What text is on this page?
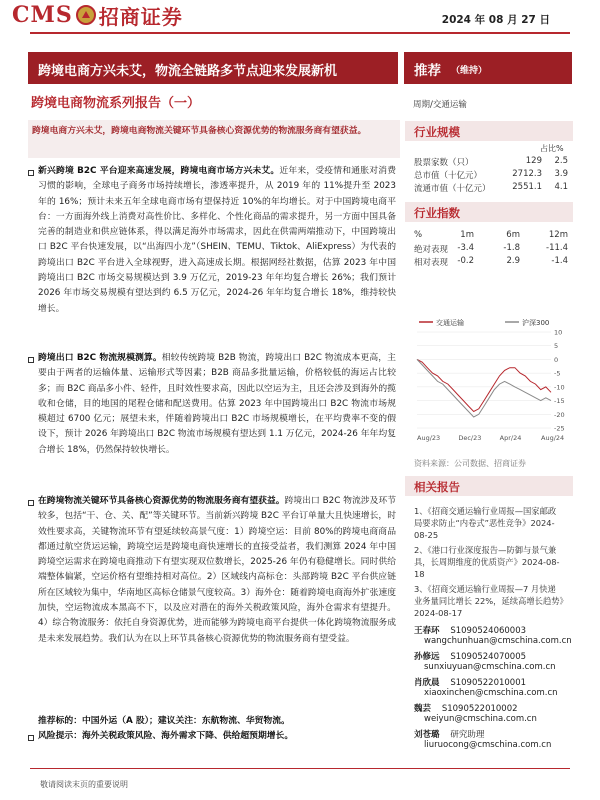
CMS 招商证券	2024 年 08 月 27 日
跨境电商方兴未艾，物流全链路多节点迎来发展新机	推荐 （维持）
跨境电商物流系列报告（一）	周期/交通运输

跨境电商方兴未艾，跨境电商物流关键环节具备核心资源优势的物流服务商有望获益。

新兴跨境 B2C 平台迎来高速发展，跨境电商市场方兴未艾。近年来，受疫情和通胀对消费习惯的影响，全球电子商务市场持续增长，渗透率提升，从 2019 年的 11%提升至 2023 年的 16%；预计未来五年全球电商市场有望保持近 10%的年均增长。对于中国跨境电商平台：一方面海外线上消费对高性价比、多样化、个性化商品的需求提升，另一方面中国具备完善的制造业和供应链体系，得以满足海外市场需求，因此在供需两端推动下，中国跨境出口 B2C 平台快速发展，以“出海四小龙”（SHEIN、TEMU、Tiktok、AliExpress）为代表的跨境出口 B2C 平台进入全球视野，进入高速成长期。根据网经社数据，估算 2023 年中国跨境出口 B2C 市场交易规模达到 3.9 万亿元，2019-23 年年均复合增长 26%；我们预计 2026 年市场交易规模有望达到约 6.5 万亿元，2024-26 年年均复合增长 18%，维持较快增长。
跨境出口 B2C 物流规模测算。相较传统跨境 B2B 物流，跨境出口 B2C 物流成本更高，主要由于两者的运输体量、运输形式等因素；B2B 商品多批量运输，价格较低的海运占比较多；而 B2C 商品多小件、轻件，且时效性要求高，因此以空运为主，且还会涉及到海外的揽收和仓储，目的地国的尾程仓储和配送费用。估算 2023 年中国跨境出口 B2C 物流市场规模超过 6700 亿元；展望未来，伴随着跨境出口 B2C 市场规模增长，在平均费率不变的假设下，预计 2026 年跨境出口 B2C 物流市场规模有望达到 1.1 万亿元，2024-26 年年均复合增长 18%，仍然保持较快增长。
在跨境物流关键环节具备核心资源优势的物流服务商有望获益。跨境出口 B2C 物流涉及环节较多，包括“干、仓、关、配”等关键环节。当前新兴跨境 B2C 平台订单量大且快速增长，时效性要求高，关键物流环节有望延续较高景气度：1）跨境空运：目前 80%的跨境电商商品都通过航空货运运输，跨境空运是跨境电商快速增长的直接受益者，我们测算 2024 年中国跨境空运需求在跨境电商推动下有望实现双位数增长，2025-26 年仍有稳健增长。同时供给端整体偏紧，空运价格有望维持相对高位。2）区域线内高标仓：头部跨境 B2C 平台供应链所在区域较为集中，华南地区高标仓储景气度较高。3）海外仓：随着跨境电商海外扩张速度加快，空运物流成本黑高不下，以及应对潜在的海外关税政策风险，海外仓需求有望提升。4）综合物流服务：依托自身资源优势，进而能够为跨境电商平台提供一体化跨境物流服务成是未来发展趋势。我们认为在以上环节具备核心资源优势的物流服务商有望受益。
推荐标的：中国外运（A 股）；建议关注：东航物流、华贸物流。
风险提示：海外关税政策风险、海外需求下降、供给超预期增长。
行业规模
占比%
股票家数（只）	129 2.5
总市值（十亿元）	2712.3 3.9
流通市值（十亿元）	2551.1 4.1
行业指数
%	1m	6m	12m
绝对表现 -3.4	-1.8	-11.4
相对表现 -0.2	2.9	-1.4
交通运输	沪深300
10
5
0
-5
-10
-15
-20
-25
Aug/23	Dec/23	Apr/24	Aug/24
资料来源：公司数据、招商证券
相关报告
1、《招商交通运输行业周报—国家邮政局要求防止“内卷式”恶性竞争》2024-08-25
2、《港口行业深度报告—防御与景气兼具，长周期维度的优质资产》2024-08-18
3、《招商交通运输行业周报—7 月快递业务量同比增长 22%，延续高增长趋势》2024-08-17
王春环 S1090524060003
wangchunhuan@cmschina.com.cn
孙修远 S1090524070005
sunxiuyuan@cmschina.com.cn
肖欣晨 S1090522010001
xiaoxinchen@cmschina.com.cn
魏芸 S1090522010002
weiyun@cmschina.com.cn
刘苍璐 研究助理
liuruocong@cmschina.com.cn
敬请阅读末页的重要说明
